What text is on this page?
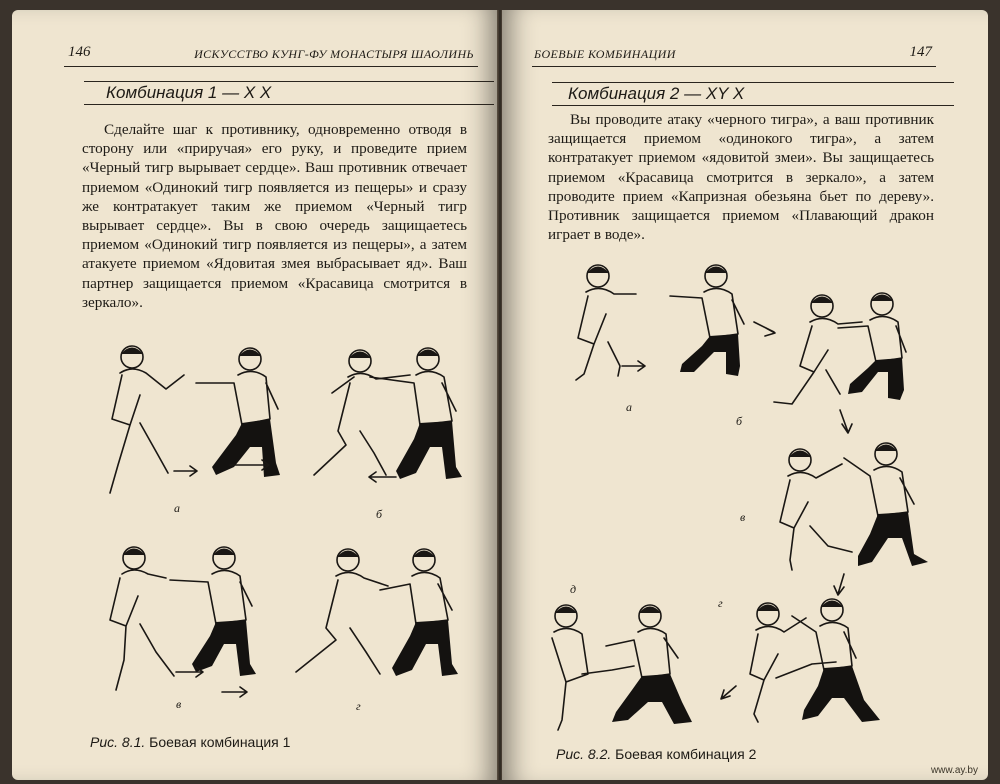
146	ИСКУССТВО КУНГ-ФУ МОНАСТЫРЯ ШАОЛИНЬ
Комбинация 1 — X X

Сделайте шаг к противнику, одновременно отводя в сторону или «приручая» его руку, и проведите прием «Черный тигр вырывает сердце». Ваш противник отвечает приемом «Одинокий тигр появляется из пещеры» и сразу же контратакует таким же приемом «Черный тигр вырывает сердце». Вы в свою очередь защищаетесь приемом «Одинокий тигр появляется из пещеры», а затем атакуете приемом «Ядовитая змея выбрасывает яд». Ваш партнер защищается приемом «Красавица смотрится в зеркало».

а	б
в	г
Рис. 8.1. Боевая комбинация 1
БОЕВЫЕ КОМБИНАЦИИ	147
Комбинация 2 — XY X

Вы проводите атаку «черного тигра», а ваш противник защищается приемом «одинокого тигра», а затем контратакует приемом «ядовитой змеи». Вы защищаетесь приемом «Красавица смотрится в зеркало», а затем проводите прием «Капризная обезьяна бьет по дереву». Противник защищается приемом «Плавающий дракон играет в воде».

а
б
в
г
д
Рис. 8.2. Боевая комбинация 2
www.ay.by
